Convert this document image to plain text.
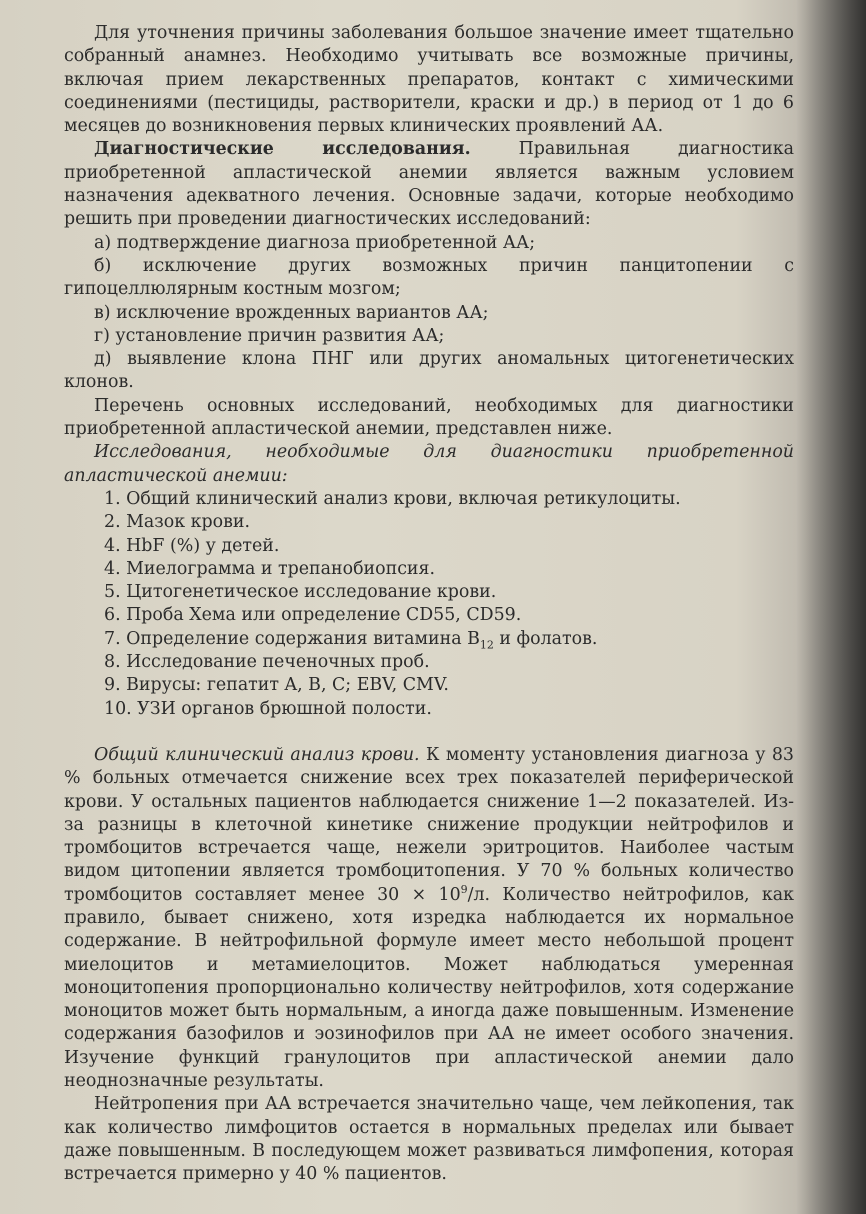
Для уточнения причины заболевания большое значение имеет тщательно собранный анамнез. Необходимо учитывать все возможные причины, включая прием лекарственных препаратов, контакт с химическими соединениями (пестициды, растворители, краски и др.) в период от 1 до 6 месяцев до возникновения первых клинических проявлений АА.

Диагностические исследования. Правильная диагностика приобретенной апластической анемии является важным условием назначения адекватного лечения. Основные задачи, которые необходимо решить при проведении диагностических исследований:

а) подтверждение диагноза приобретенной АА;

б) исключение других возможных причин панцитопении с гипоцеллюлярным костным мозгом;

в) исключение врожденных вариантов АА;

г) установление причин развития АА;

д) выявление клона ПНГ или других аномальных цитогенетических клонов.

Перечень основных исследований, необходимых для диагностики приобретенной апластической анемии, представлен ниже.

Исследования, необходимые для диагностики приобретенной апластической анемии:

1. Общий клинический анализ крови, включая ретикулоциты.
2. Мазок крови.
4. HbF (%) у детей.
4. Миелограмма и трепанобиопсия.
5. Цитогенетическое исследование крови.
6. Проба Хема или определение CD55, CD59.
7. Определение содержания витамина $B_{12}$ и фолатов.
8. Исследование печеночных проб.
9. Вирусы: гепатит A, B, C; EBV, CMV.
10. УЗИ органов брюшной полости.

Общий клинический анализ крови. К моменту установления диагноза у 83 % больных отмечается снижение всех трех показателей периферической крови. У остальных пациентов наблюдается снижение 1—2 показателей. Из-за разницы в клеточной кинетике снижение продукции нейтрофилов и тромбоцитов встречается чаще, нежели эритроцитов. Наиболее частым видом цитопении является тромбоцитопения. У 70 % больных количество тромбоцитов составляет менее $30 \times 10^9/л$. Количество нейтрофилов, как правило, бывает снижено, хотя изредка наблюдается их нормальное содержание. В нейтрофильной формуле имеет место небольшой процент миелоцитов и метамиелоцитов. Может наблюдаться умеренная моноцитопения пропорционально количеству нейтрофилов, хотя содержание моноцитов может быть нормальным, а иногда даже повышенным. Изменение содержания базофилов и эозинофилов при АА не имеет особого значения. Изучение функций гранулоцитов при апластической анемии дало неоднозначные результаты.

Нейтропения при АА встречается значительно чаще, чем лейкопения, так как количество лимфоцитов остается в нормальных пределах или бывает даже повышенным. В последующем может развиваться лимфопения, которая встречается примерно у 40 % пациентов.
